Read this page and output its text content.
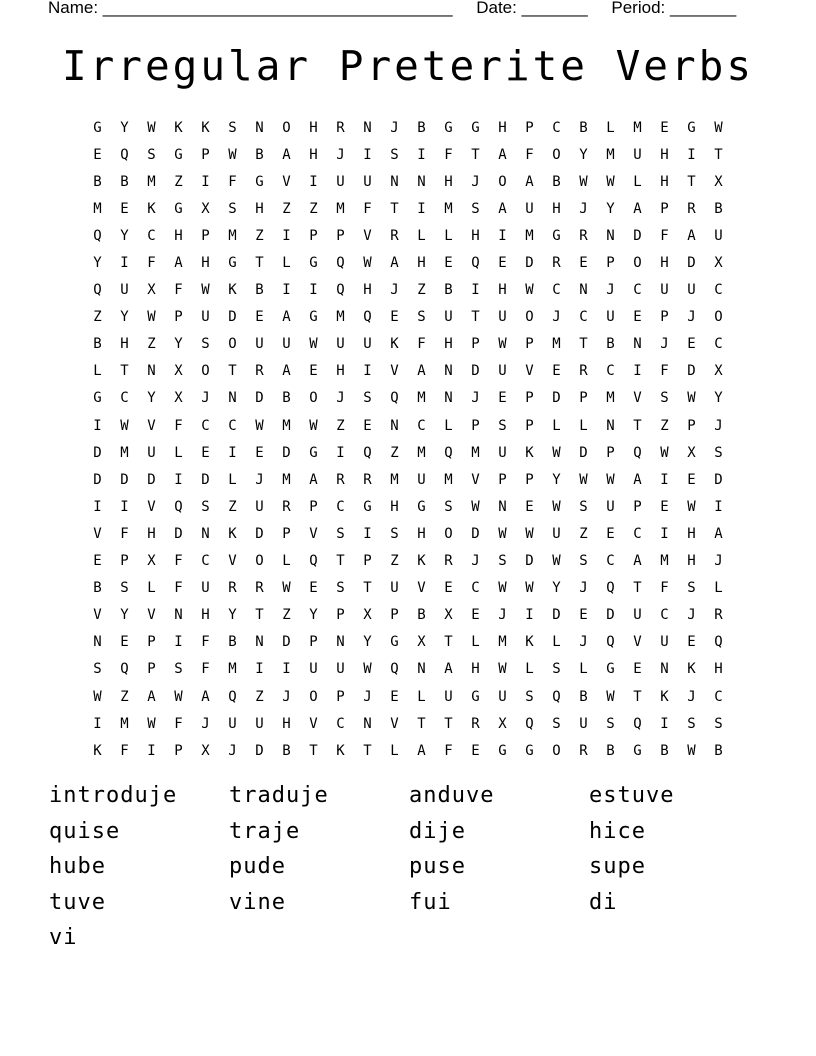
Name: _____________________________________     Date: _______     Period: _______
Irregular Preterite Verbs
G	Y	W	K	K	S	N	O	H	R	N	J	B	G	G	H	P	C	B	L	M	E	G	W
E	Q	S	G	P	W	B	A	H	J	I	S	I	F	T	A	F	O	Y	M	U	H	I	T
B	B	M	Z	I	F	G	V	I	U	U	N	N	H	J	O	A	B	W	W	L	H	T	X
M	E	K	G	X	S	H	Z	Z	M	F	T	I	M	S	A	U	H	J	Y	A	P	R	B
Q	Y	C	H	P	M	Z	I	P	P	V	R	L	L	H	I	M	G	R	N	D	F	A	U
Y	I	F	A	H	G	T	L	G	Q	W	A	H	E	Q	E	D	R	E	P	O	H	D	X
Q	U	X	F	W	K	B	I	I	Q	H	J	Z	B	I	H	W	C	N	J	C	U	U	C
Z	Y	W	P	U	D	E	A	G	M	Q	E	S	U	T	U	O	J	C	U	E	P	J	O
B	H	Z	Y	S	O	U	U	W	U	U	K	F	H	P	W	P	M	T	B	N	J	E	C
L	T	N	X	O	T	R	A	E	H	I	V	A	N	D	U	V	E	R	C	I	F	D	X
G	C	Y	X	J	N	D	B	O	J	S	Q	M	N	J	E	P	D	P	M	V	S	W	Y
I	W	V	F	C	C	W	M	W	Z	E	N	C	L	P	S	P	L	L	N	T	Z	P	J
D	M	U	L	E	I	E	D	G	I	Q	Z	M	Q	M	U	K	W	D	P	Q	W	X	S
D	D	D	I	D	L	J	M	A	R	R	M	U	M	V	P	P	Y	W	W	A	I	E	D
I	I	V	Q	S	Z	U	R	P	C	G	H	G	S	W	N	E	W	S	U	P	E	W	I
V	F	H	D	N	K	D	P	V	S	I	S	H	O	D	W	W	U	Z	E	C	I	H	A
E	P	X	F	C	V	O	L	Q	T	P	Z	K	R	J	S	D	W	S	C	A	M	H	J
B	S	L	F	U	R	R	W	E	S	T	U	V	E	C	W	W	Y	J	Q	T	F	S	L
V	Y	V	N	H	Y	T	Z	Y	P	X	P	B	X	E	J	I	D	E	D	U	C	J	R
N	E	P	I	F	B	N	D	P	N	Y	G	X	T	L	M	K	L	J	Q	V	U	E	Q
S	Q	P	S	F	M	I	I	U	U	W	Q	N	A	H	W	L	S	L	G	E	N	K	H
W	Z	A	W	A	Q	Z	J	O	P	J	E	L	U	G	U	S	Q	B	W	T	K	J	C
I	M	W	F	J	U	U	H	V	C	N	V	T	T	R	X	Q	S	U	S	Q	I	S	S
K	F	I	P	X	J	D	B	T	K	T	L	A	F	E	G	G	O	R	B	G	B	W	B
introduje	traduje	anduve	estuve
quise	traje	dije	hice
hube	pude	puse	supe
tuve	vine	fui	di
vi
